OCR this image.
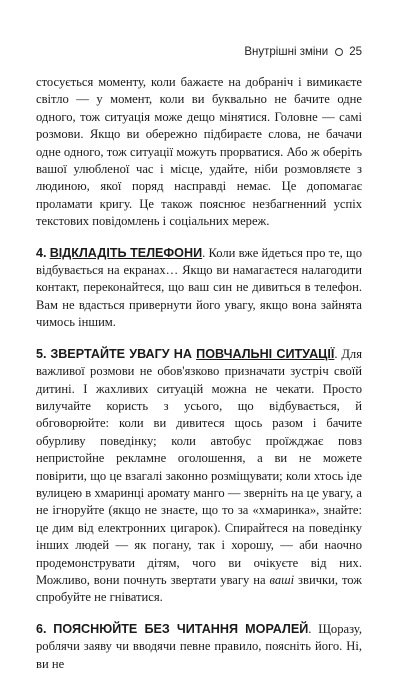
Внутрішні зміни 25

стосується моменту, коли бажаєте на добраніч і вимикаєте світло — у момент, коли ви буквально не бачите одне одного, тож ситуація може дещо мінятися. Головне — самі розмови. Якщо ви обережно підбираєте слова, не бачачи одне одного, тож ситуації можуть прорватися. Або ж оберіть вашої улюбленої час і місце, удайте, ніби розмовляєте з людиною, якої поряд насправді немає. Це допомагає проламати кригу. Це також пояснює незбагненний успіх текстових повідомлень і соціальних мереж.

4. ВІДКЛАДІТЬ ТЕЛЕФОНИ. Коли вже йдеться про те, що відбувається на екранах… Якщо ви намагаєтеся налагодити контакт, переконайтеся, що ваш син не дивиться в телефон. Вам не вдасться привернути його увагу, якщо вона зайнята чимось іншим.

5. ЗВЕРТАЙТЕ УВАГУ НА ПОВЧАЛЬНІ СИТУАЦІЇ. Для важливої розмови не обов'язково призначати зустріч своїй дитині. І жахливих ситуацій можна не чекати. Просто вилучайте користь з усього, що відбувається, й обговорюйте: коли ви дивитеся щось разом і бачите обурливу поведінку; коли автобус проїжджає повз непристойне рекламне оголошення, а ви не можете повірити, що це взагалі законно розміщувати; коли хтось іде вулицею в хмаринці аромату манго — зверніть на це увагу, а не ігноруйте (якщо не знаєте, що то за «хмаринка», знайте: це дим від електронних цигарок). Спирайтеся на поведінку інших людей — як погану, так і хорошу, — аби наочно продемонструвати дітям, чого ви очікуєте від них. Можливо, вони почнуть звертати увагу на ваші звички, тож спробуйте не гніватися.

6. ПОЯСНЮЙТЕ БЕЗ ЧИТАННЯ МОРАЛЕЙ. Щоразу, роблячи заяву чи вводячи певне правило, поясніть його. Ні, ви не
